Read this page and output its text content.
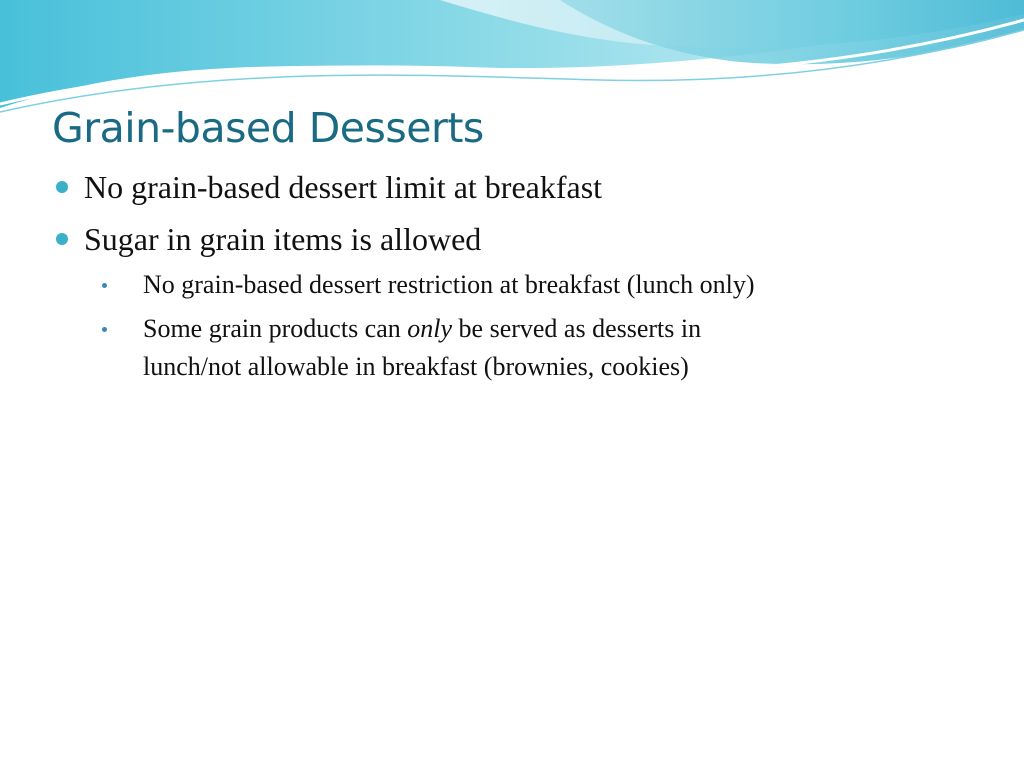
Grain-based Desserts
No grain-based dessert limit at breakfast
Sugar in grain items is allowed
No grain-based dessert restriction at breakfast (lunch only)
Some grain products can only be served as desserts in
lunch/not allowable in breakfast (brownies, cookies)
